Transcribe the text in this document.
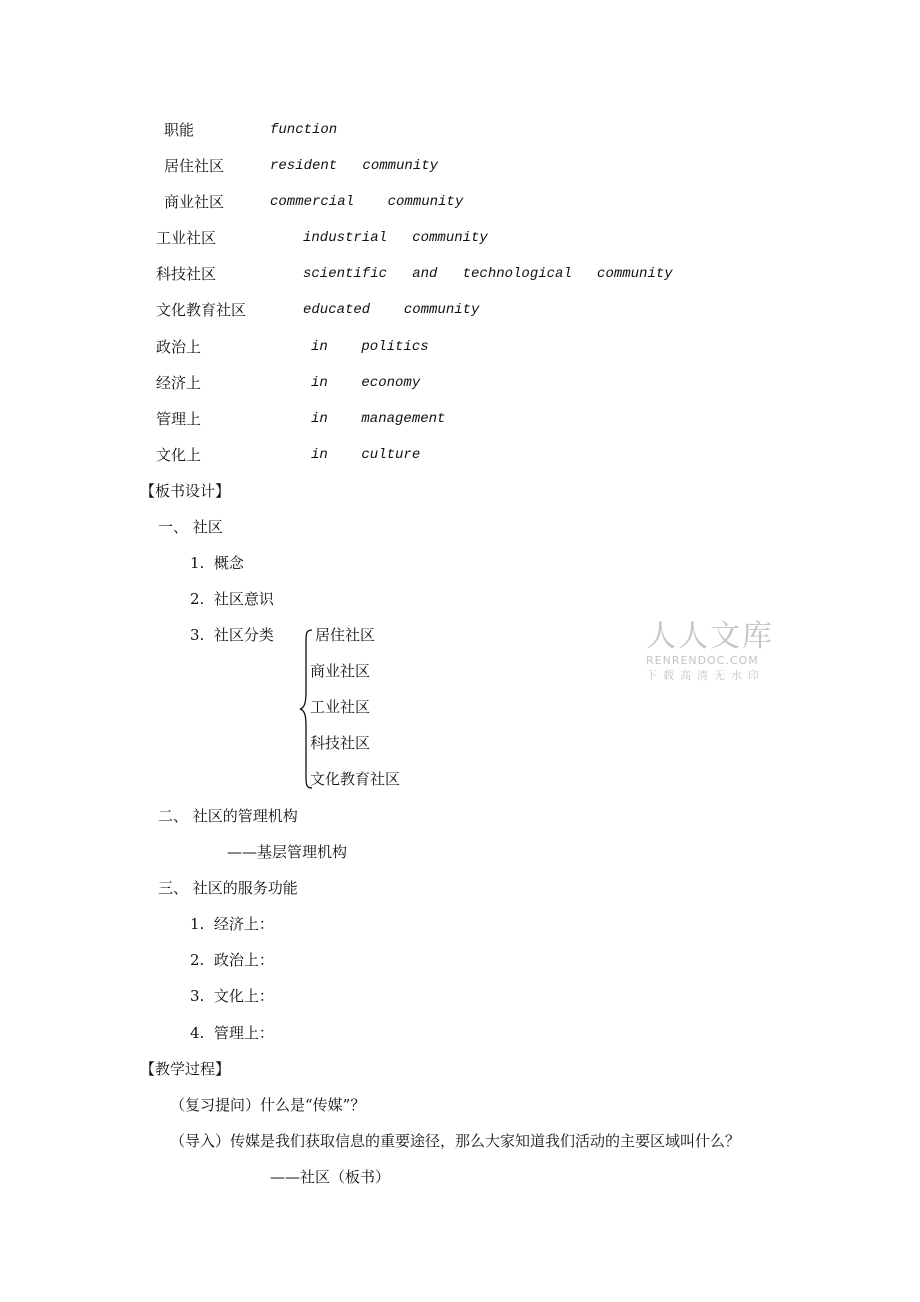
职能	function
居住社区	resident   community
商业社区	commercial    community
工业社区	industrial   community
科技社区	scientific   and   technological   community
文化教育社区	educated    community
政治上	in    politics
经济上	in    economy
管理上	in    management
文化上	in    culture
【板书设计】
一、 社区
1.  概念
2.  社区意识
3.  社区分类	居住社区
商业社区
工业社区
科技社区
文化教育社区
二、 社区的管理机构
——基层管理机构
三、 社区的服务功能
1.  经济上：
2.  政治上：
3.  文化上：
4.  管理上：
【教学过程】
（复习提问）什么是“传媒”？
（导入）传媒是我们获取信息的重要途径，那么大家知道我们活动的主要区域叫什么？
——社区（板书）
人人文库
RENRENDOC.COM
下载高清无水印
